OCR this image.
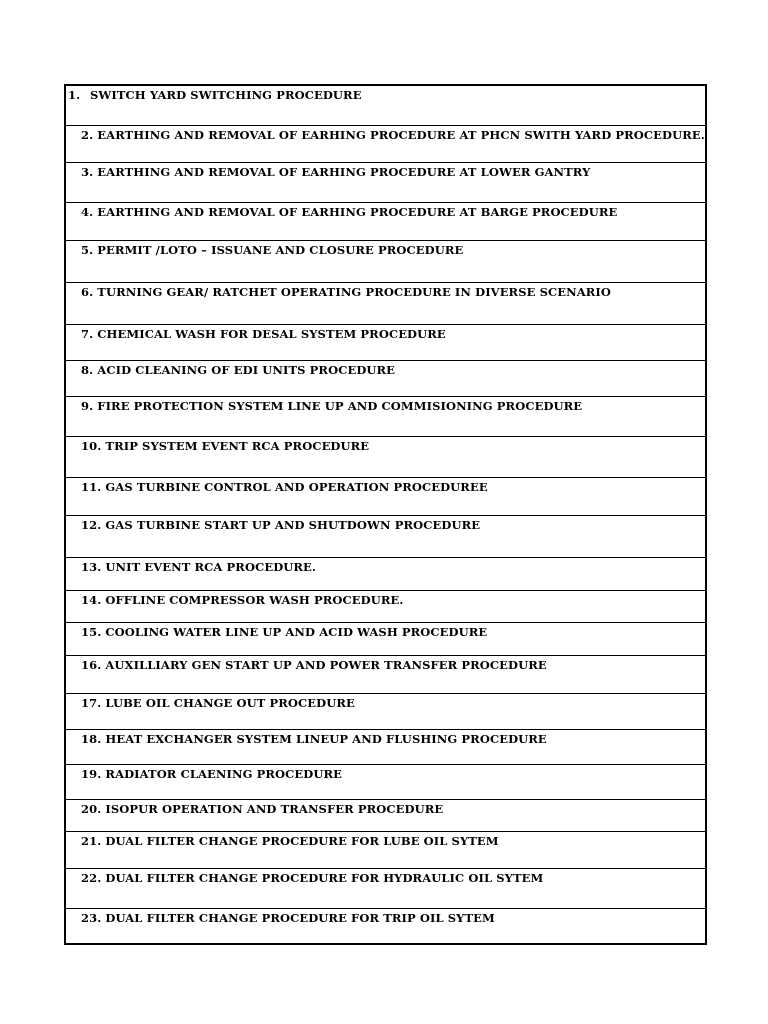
1. SWITCH YARD SWITCHING PROCEDURE
2. EARTHING AND REMOVAL OF EARHING PROCEDURE AT PHCN SWITH YARD PROCEDURE.
3. EARTHING AND REMOVAL OF EARHING PROCEDURE AT LOWER GANTRY
4. EARTHING AND REMOVAL OF EARHING PROCEDURE AT BARGE PROCEDURE
5. PERMIT /LOTO – ISSUANE AND CLOSURE PROCEDURE
6. TURNING GEAR/ RATCHET OPERATING PROCEDURE IN DIVERSE SCENARIO
7. CHEMICAL WASH FOR DESAL SYSTEM PROCEDURE
8. ACID CLEANING OF EDI UNITS PROCEDURE
9. FIRE PROTECTION SYSTEM LINE UP AND COMMISIONING PROCEDURE
10. TRIP SYSTEM EVENT RCA PROCEDURE
11. GAS TURBINE CONTROL AND OPERATION PROCEDUREE
12. GAS TURBINE START UP AND SHUTDOWN PROCEDURE
13. UNIT EVENT RCA PROCEDURE.
14. OFFLINE COMPRESSOR WASH PROCEDURE.
15. COOLING WATER LINE UP AND ACID WASH PROCEDURE
16. AUXILLIARY GEN START UP AND POWER TRANSFER PROCEDURE
17. LUBE OIL CHANGE OUT PROCEDURE
18. HEAT EXCHANGER SYSTEM LINEUP AND FLUSHING PROCEDURE
19. RADIATOR CLAENING PROCEDURE
20. ISOPUR OPERATION AND TRANSFER PROCEDURE
21. DUAL FILTER CHANGE PROCEDURE FOR LUBE OIL SYTEM
22. DUAL FILTER CHANGE PROCEDURE FOR HYDRAULIC OIL SYTEM
23. DUAL FILTER CHANGE PROCEDURE FOR TRIP OIL SYTEM
